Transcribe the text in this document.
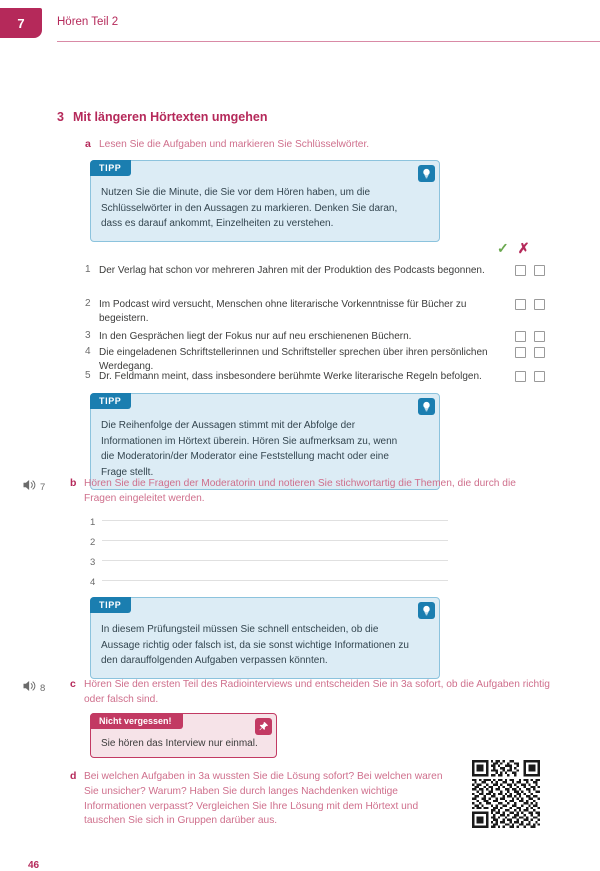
7	Hören Teil 2
3 Mit längeren Hörtexten umgehen
a Lesen Sie die Aufgaben und markieren Sie Schlüsselwörter.
TIPP
Nutzen Sie die Minute, die Sie vor dem Hören haben, um die Schlüsselwörter in den Aussagen zu markieren. Denken Sie daran, dass es darauf ankommt, Einzelheiten zu verstehen.
✓ ✗
1 Der Verlag hat schon vor mehreren Jahren mit der Produktion des Podcasts begonnen.
2 Im Podcast wird versucht, Menschen ohne literarische Vorkenntnisse für Bücher zu begeistern.
3 In den Gesprächen liegt der Fokus nur auf neu erschienenen Büchern.
4 Die eingeladenen Schriftstellerinnen und Schriftsteller sprechen über ihren persönlichen Werdegang.
5 Dr. Feldmann meint, dass insbesondere berühmte Werke literarische Regeln befolgen.
TIPP
Die Reihenfolge der Aussagen stimmt mit der Abfolge der Informationen im Hörtext überein. Hören Sie aufmerksam zu, wenn die Moderatorin/der Moderator eine Feststellung macht oder eine Frage stellt.
7 b Hören Sie die Fragen der Moderatorin und notieren Sie stichwortartig die Themen, die durch die Fragen eingeleitet werden.
1
2
3
4
TIPP
In diesem Prüfungsteil müssen Sie schnell entscheiden, ob die Aussage richtig oder falsch ist, da sie sonst wichtige Informationen zu den darauffolgenden Aufgaben verpassen könnten.
8 c Hören Sie den ersten Teil des Radiointerviews und entscheiden Sie in 3a sofort, ob die Aufgaben richtig oder falsch sind.
Nicht vergessen!
Sie hören das Interview nur einmal.
d Bei welchen Aufgaben in 3a wussten Sie die Lösung sofort? Bei welchen waren Sie unsicher? Warum? Haben Sie durch langes Nachdenken wichtige Informationen verpasst? Vergleichen Sie Ihre Lösung mit dem Hörtext und tauschen Sie sich in Gruppen darüber aus.
46
